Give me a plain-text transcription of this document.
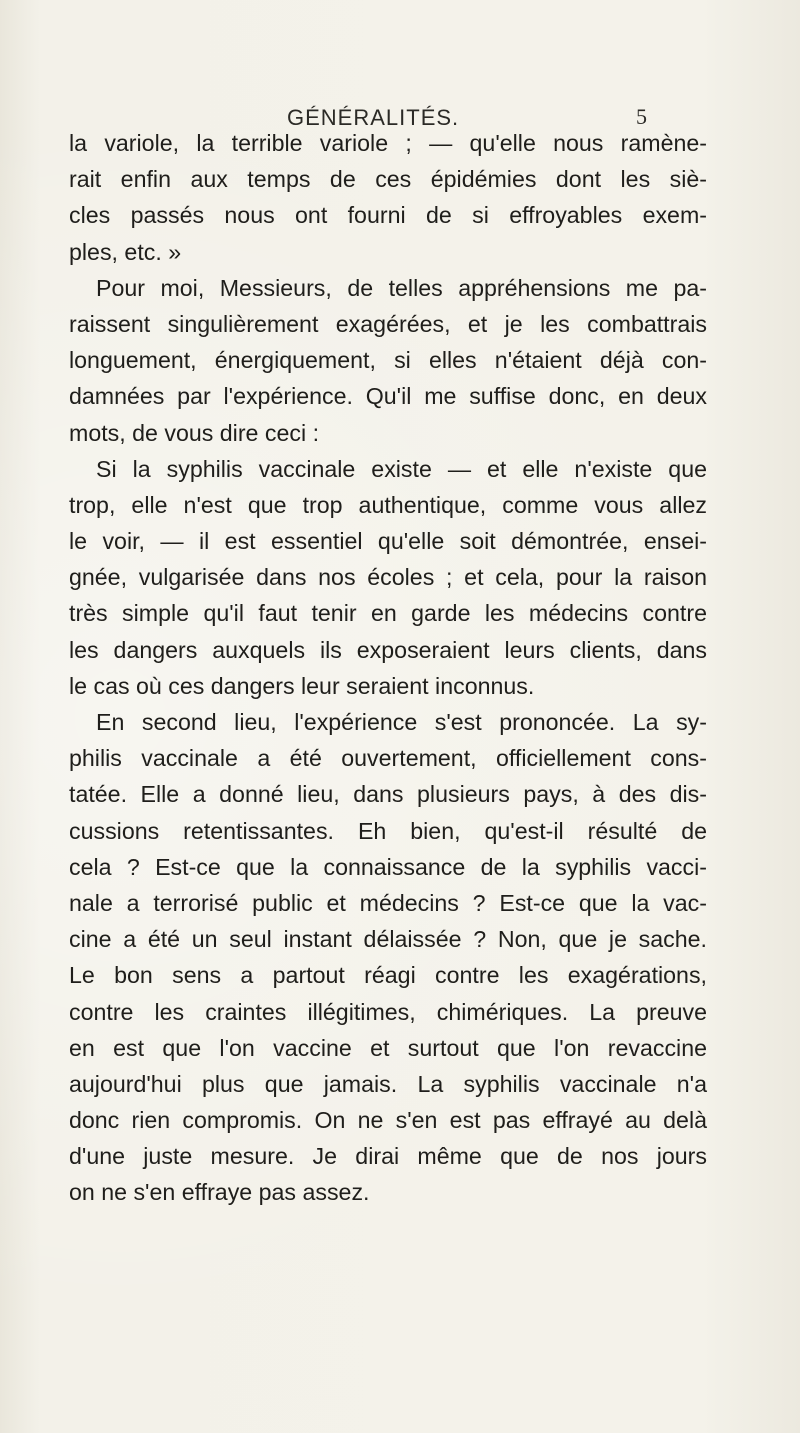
GÉNÉRALITÉS.	5
la variole, la terrible variole ; — qu'elle nous ramène-
rait enfin aux temps de ces épidémies dont les siè-
cles passés nous ont fourni de si effroyables exem-
ples, etc. »
Pour moi, Messieurs, de telles appréhensions me pa-
raissent singulièrement exagérées, et je les combattrais
longuement, énergiquement, si elles n'étaient déjà con-
damnées par l'expérience. Qu'il me suffise donc, en deux
mots, de vous dire ceci :
Si la syphilis vaccinale existe — et elle n'existe que
trop, elle n'est que trop authentique, comme vous allez
le voir, — il est essentiel qu'elle soit démontrée, ensei-
gnée, vulgarisée dans nos écoles ; et cela, pour la raison
très simple qu'il faut tenir en garde les médecins contre
les dangers auxquels ils exposeraient leurs clients, dans
le cas où ces dangers leur seraient inconnus.
En second lieu, l'expérience s'est prononcée. La sy-
philis vaccinale a été ouvertement, officiellement cons-
tatée. Elle a donné lieu, dans plusieurs pays, à des dis-
cussions retentissantes. Eh bien, qu'est-il résulté de
cela ? Est-ce que la connaissance de la syphilis vacci-
nale a terrorisé public et médecins ? Est-ce que la vac-
cine a été un seul instant délaissée ? Non, que je sache.
Le bon sens a partout réagi contre les exagérations,
contre les craintes illégitimes, chimériques. La preuve
en est que l'on vaccine et surtout que l'on revaccine
aujourd'hui plus que jamais. La syphilis vaccinale n'a
donc rien compromis. On ne s'en est pas effrayé au delà
d'une juste mesure. Je dirai même que de nos jours
on ne s'en effraye pas assez.
